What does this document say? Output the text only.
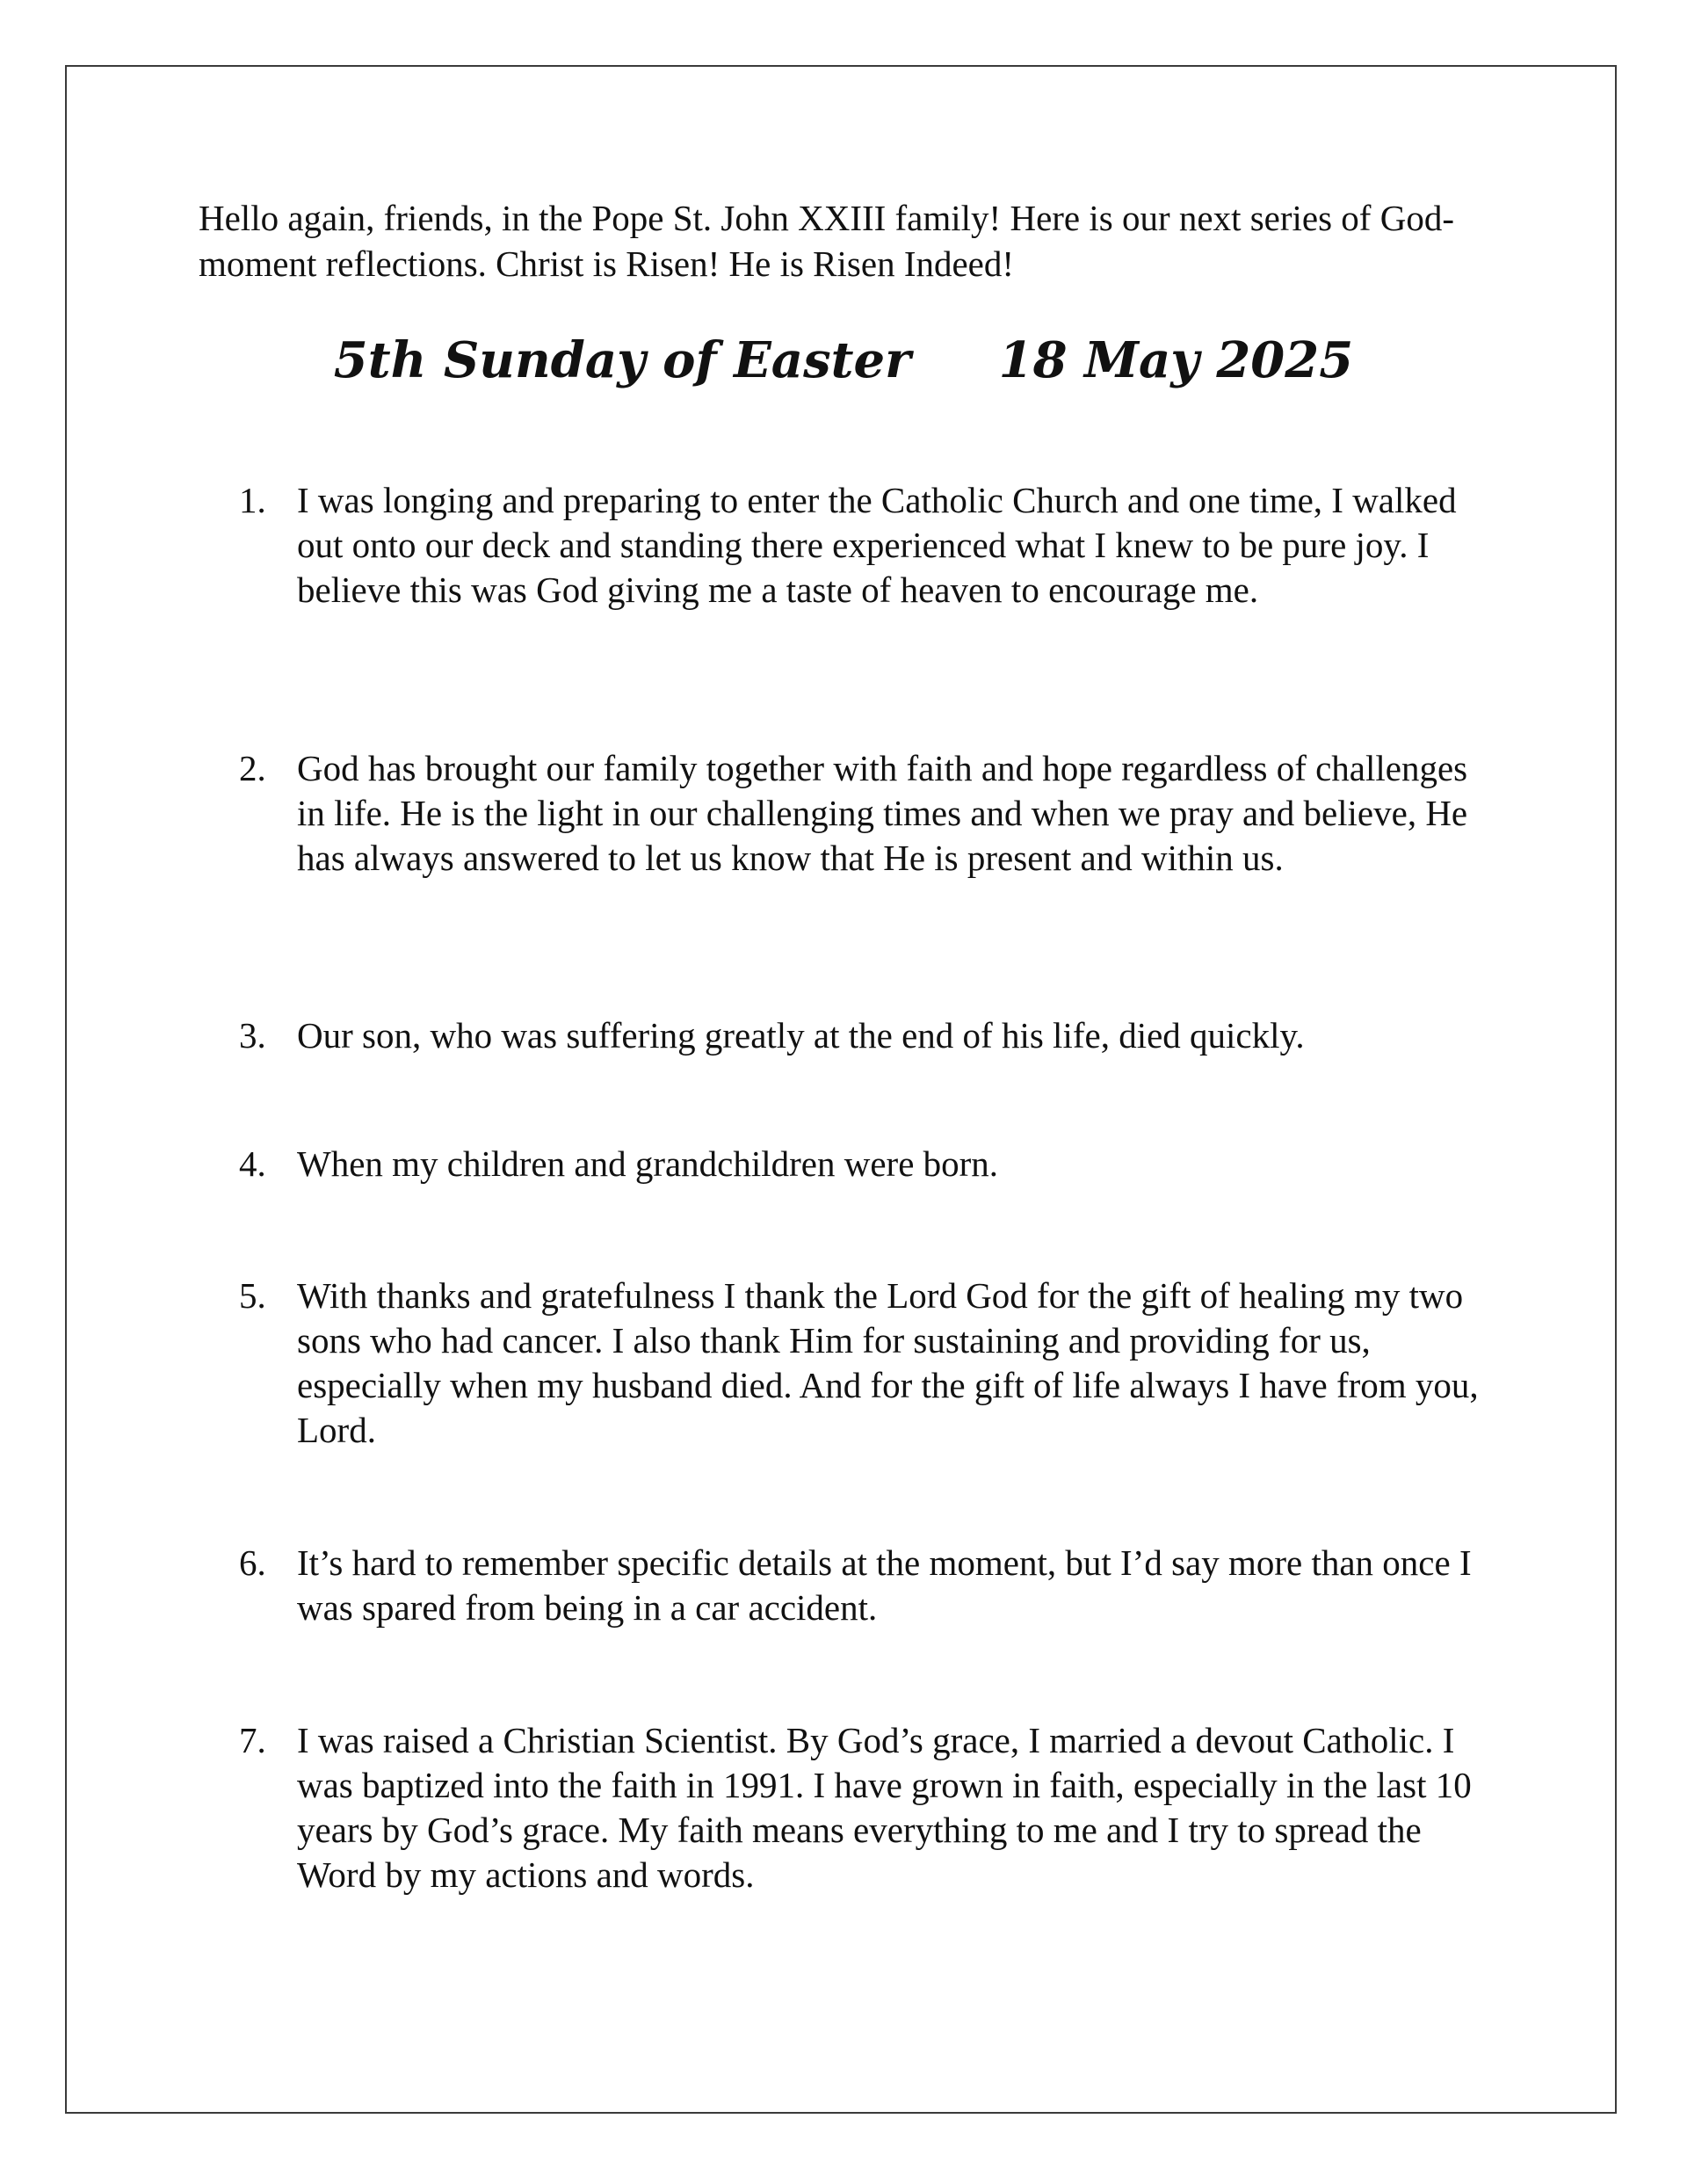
Hello again, friends, in the Pope St. John XXIII family! Here is our next series of God-moment reflections. Christ is Risen! He is Risen Indeed!

5th Sunday of Easter 18 May 2025
1. I was longing and preparing to enter the Catholic Church and one time, I walked out onto our deck and standing there experienced what I knew to be pure joy. I believe this was God giving me a taste of heaven to encourage me.
2. God has brought our family together with faith and hope regardless of challenges in life. He is the light in our challenging times and when we pray and believe, He has always answered to let us know that He is present and within us.
3. Our son, who was suffering greatly at the end of his life, died quickly.
4. When my children and grandchildren were born.
5. With thanks and gratefulness I thank the Lord God for the gift of healing my two sons who had cancer. I also thank Him for sustaining and providing for us, especially when my husband died. And for the gift of life always I have from you, Lord.
6. It’s hard to remember specific details at the moment, but I’d say more than once I was spared from being in a car accident.
7. I was raised a Christian Scientist. By God’s grace, I married a devout Catholic. I was baptized into the faith in 1991. I have grown in faith, especially in the last 10 years by God’s grace. My faith means everything to me and I try to spread the Word by my actions and words.
